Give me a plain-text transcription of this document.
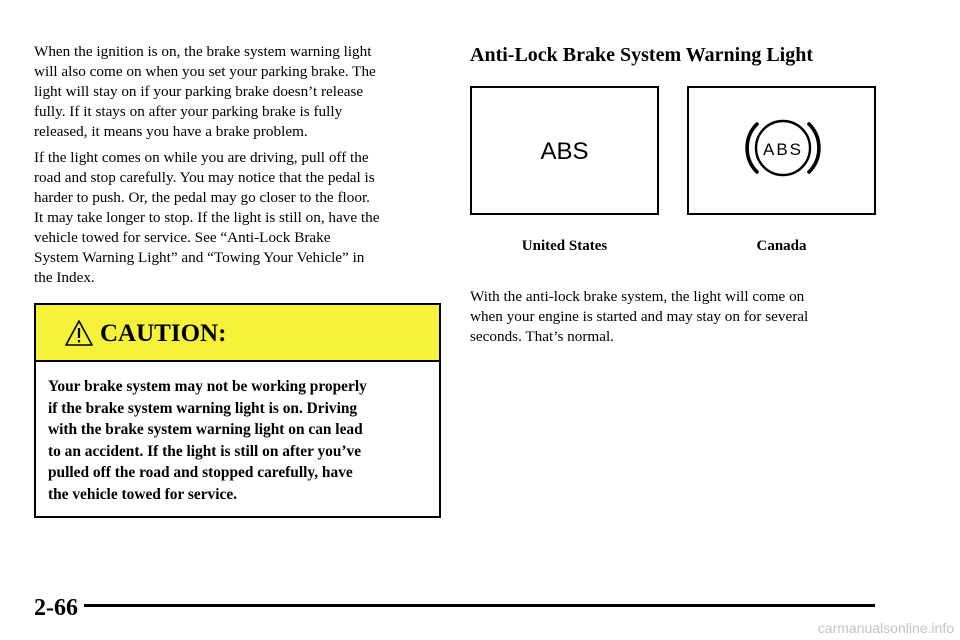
When the ignition is on, the brake system warning light
will also come on when you set your parking brake. The
light will stay on if your parking brake doesn’t release
fully. If it stays on after your parking brake is fully
released, it means you have a brake problem.
If the light comes on while you are driving, pull off the
road and stop carefully. You may notice that the pedal is
harder to push. Or, the pedal may go closer to the floor.
It may take longer to stop. If the light is still on, have the
vehicle towed for service. See “Anti-Lock Brake
System Warning Light” and “Towing Your Vehicle” in
the Index.
CAUTION:
Your brake system may not be working properly
if the brake system warning light is on. Driving
with the brake system warning light on can lead
to an accident. If the light is still on after you’ve
pulled off the road and stopped carefully, have
the vehicle towed for service.
Anti-Lock Brake System Warning Light
ABS	ABS
United States	Canada
With the anti-lock brake system, the light will come on
when your engine is started and may stay on for several
seconds. That’s normal.
2-66
carmanualsonline.info
